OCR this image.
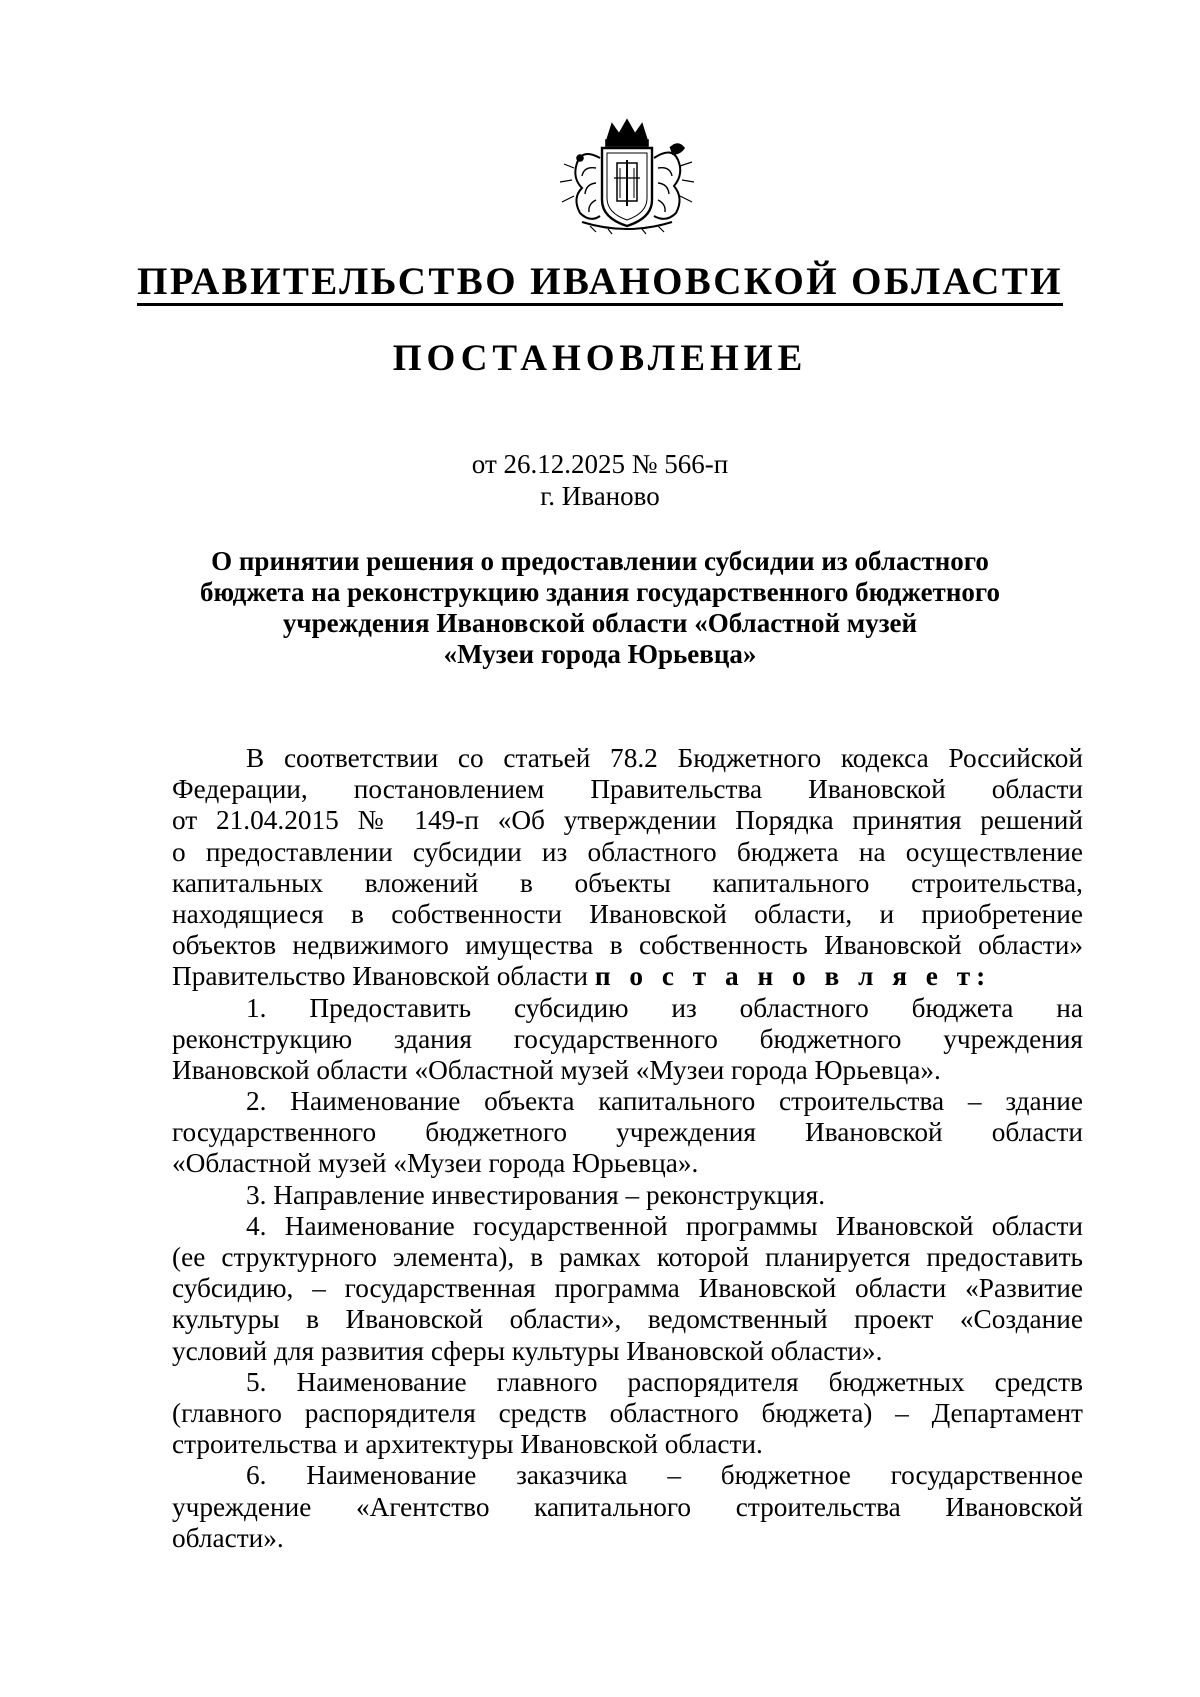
ПРАВИТЕЛЬСТВО ИВАНОВСКОЙ ОБЛАСТИ
ПОСТАНОВЛЕНИЕ
от 26.12.2025 № 566-п
г. Иваново
О принятии решения о предоставлении субсидии из областного
бюджета на реконструкцию здания государственного бюджетного
учреждения Ивановской области «Областной музей
«Музеи города Юрьевца»
В соответствии со статьей 78.2 Бюджетного кодекса Российской
Федерации, постановлением Правительства Ивановской области
от 21.04.2015 № 149-п «Об утверждении Порядка принятия решений
о предоставлении субсидии из областного бюджета на осуществление
капитальных вложений в объекты капитального строительства,
находящиеся в собственности Ивановской области, и приобретение
объектов недвижимого имущества в собственность Ивановской области»
Правительство Ивановской области п о с т а н о в л я е т:
1. Предоставить субсидию из областного бюджета на
реконструкцию здания государственного бюджетного учреждения
Ивановской области «Областной музей «Музеи города Юрьевца».
2. Наименование объекта капитального строительства – здание
государственного бюджетного учреждения Ивановской области
«Областной музей «Музеи города Юрьевца».
3. Направление инвестирования – реконструкция.
4. Наименование государственной программы Ивановской области
(ее структурного элемента), в рамках которой планируется предоставить
субсидию, – государственная программа Ивановской области «Развитие
культуры в Ивановской области», ведомственный проект «Создание
условий для развития сферы культуры Ивановской области».
5. Наименование главного распорядителя бюджетных средств
(главного распорядителя средств областного бюджета) – Департамент
строительства и архитектуры Ивановской области.
6. Наименование заказчика – бюджетное государственное
учреждение «Агентство капитального строительства Ивановской
области».
